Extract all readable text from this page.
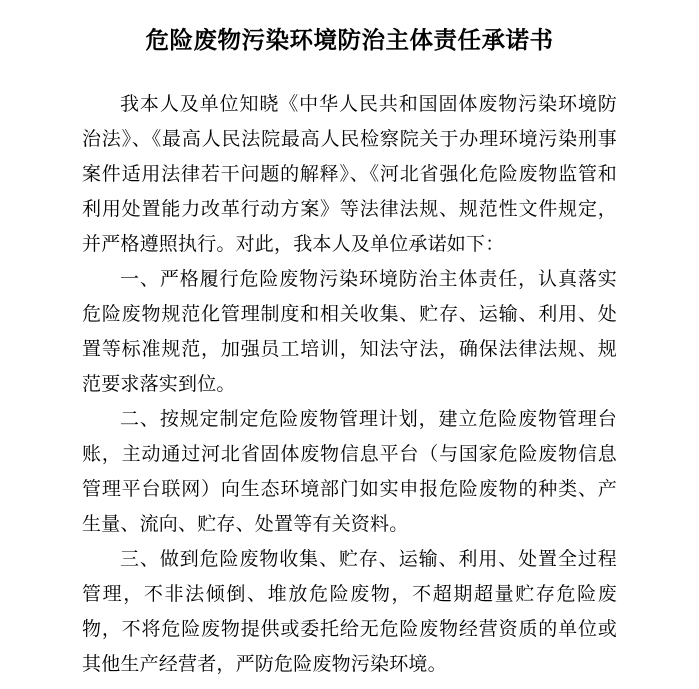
危险废物污染环境防治主体责任承诺书

我本人及单位知晓《中华人民共和国固体废物污染环境防治法》、《最高人民法院最高人民检察院关于办理环境污染刑事案件适用法律若干问题的解释》、《河北省强化危险废物监管和利用处置能力改革行动方案》等法律法规、规范性文件规定，并严格遵照执行。对此，我本人及单位承诺如下：

一、严格履行危险废物污染环境防治主体责任，认真落实危险废物规范化管理制度和相关收集、贮存、运输、利用、处置等标准规范，加强员工培训，知法守法，确保法律法规、规范要求落实到位。

二、按规定制定危险废物管理计划，建立危险废物管理台账，主动通过河北省固体废物信息平台（与国家危险废物信息管理平台联网）向生态环境部门如实申报危险废物的种类、产生量、流向、贮存、处置等有关资料。

三、做到危险废物收集、贮存、运输、利用、处置全过程管理，不非法倾倒、堆放危险废物，不超期超量贮存危险废物，不将危险废物提供或委托给无危险废物经营资质的单位或其他生产经营者，严防危险废物污染环境。
